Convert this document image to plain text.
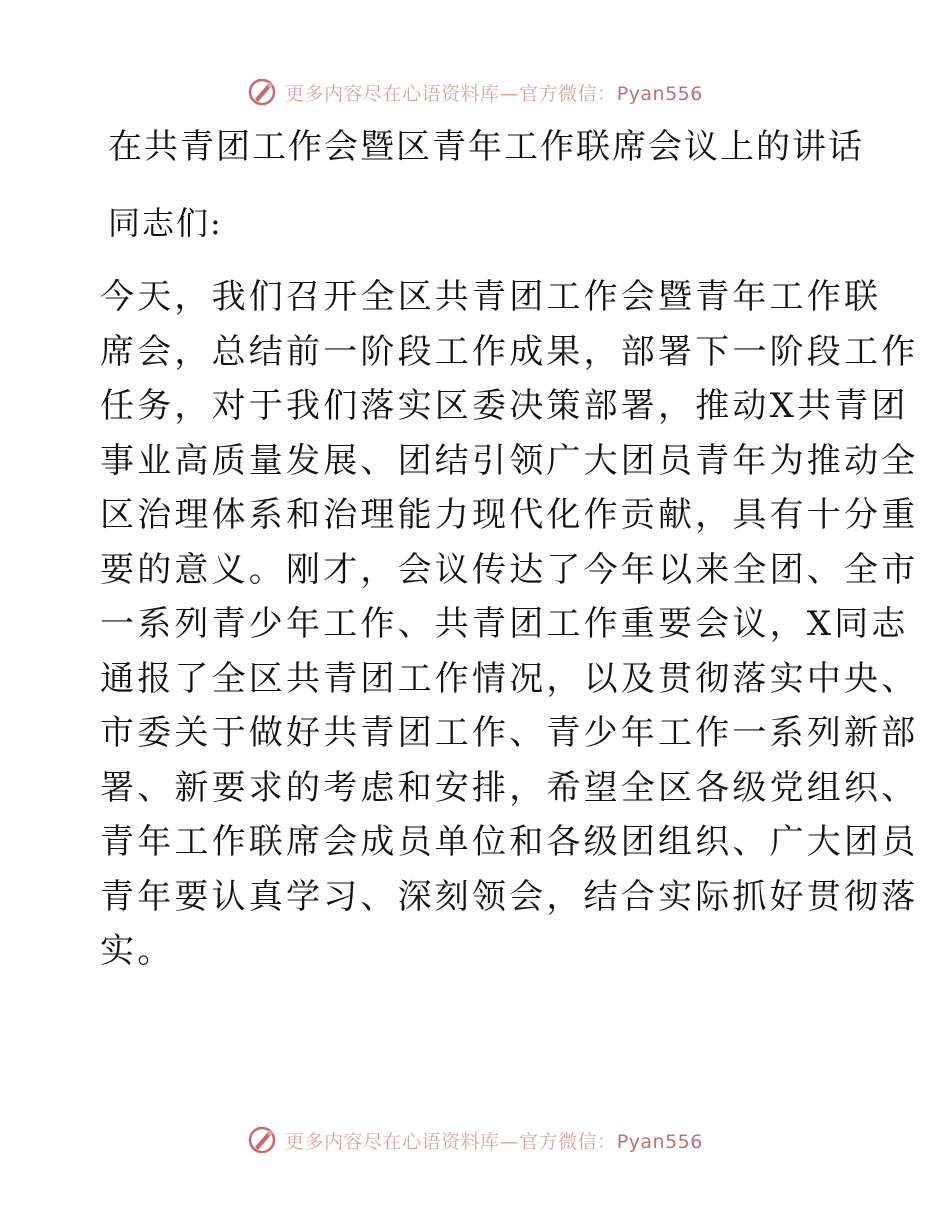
更多内容尽在心语资料库—官方微信：Pyan556
在共青团工作会暨区青年工作联席会议上的讲话
同志们:
今天，我们召开全区共青团工作会暨青年工作联
席会，总结前一阶段工作成果，部署下一阶段工作
任务，对于我们落实区委决策部署，推动X共青团
事业高质量发展、团结引领广大团员青年为推动全
区治理体系和治理能力现代化作贡献，具有十分重
要的意义。刚才，会议传达了今年以来全团、全市
一系列青少年工作、共青团工作重要会议，X同志
通报了全区共青团工作情况，以及贯彻落实中央、
市委关于做好共青团工作、青少年工作一系列新部
署、新要求的考虑和安排，希望全区各级党组织、
青年工作联席会成员单位和各级团组织、广大团员
青年要认真学习、深刻领会，结合实际抓好贯彻落
实。
更多内容尽在心语资料库—官方微信：Pyan556
